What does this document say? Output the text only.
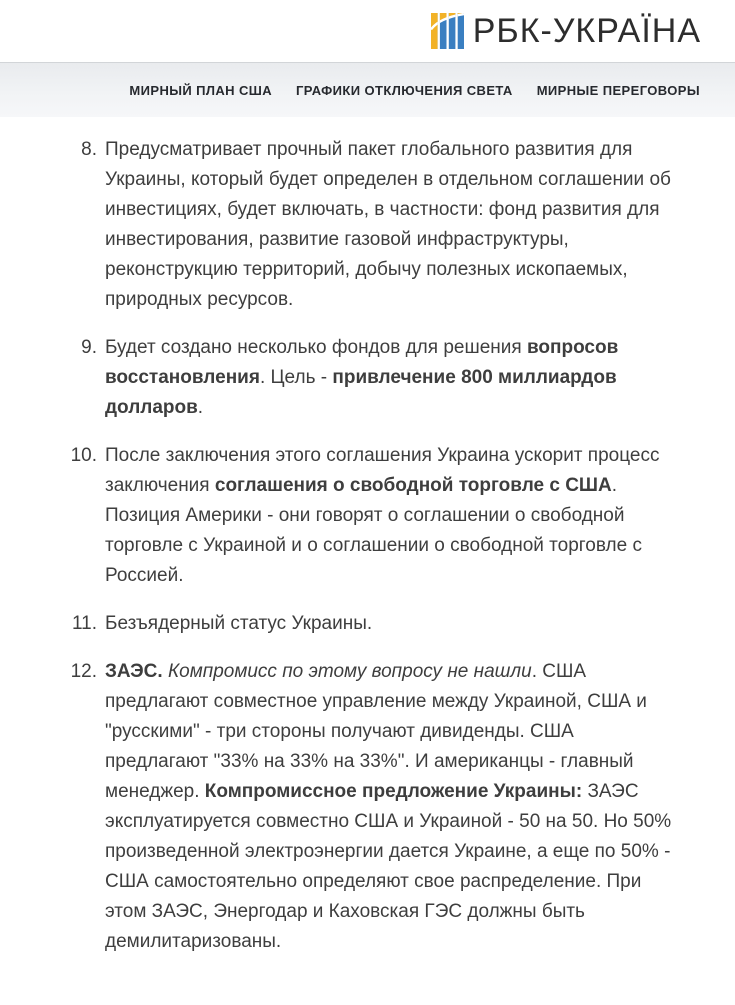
РБК-УКРАЇНА
МИРНЫЙ ПЛАН США ГРАФИКИ ОТКЛЮЧЕНИЯ СВЕТА МИРНЫЕ ПЕРЕГОВОРЫ
8. Предусматривает прочный пакет глобального развития для Украины, который будет определен в отдельном соглашении об инвестициях, будет включать, в частности: фонд развития для инвестирования, развитие газовой инфраструктуры, реконструкцию территорий, добычу полезных ископаемых, природных ресурсов.
9. Будет создано несколько фондов для решения вопросов восстановления. Цель - привлечение 800 миллиардов долларов.
10. После заключения этого соглашения Украина ускорит процесс заключения соглашения о свободной торговле с США. Позиция Америки - они говорят о соглашении о свободной торговле с Украиной и о соглашении о свободной торговле с Россией.
11. Безъядерный статус Украины.
12. ЗАЭС. Компромисс по этому вопросу не нашли. США предлагают совместное управление между Украиной, США и "русскими" - три стороны получают дивиденды. США предлагают "33% на 33% на 33%". И американцы - главный менеджер. Компромиссное предложение Украины: ЗАЭС эксплуатируется совместно США и Украиной - 50 на 50. Но 50% произведенной электроэнергии дается Украине, а еще по 50% - США самостоятельно определяют свое распределение. При этом ЗАЭС, Энергодар и Каховская ГЭС должны быть демилитаризованы.
